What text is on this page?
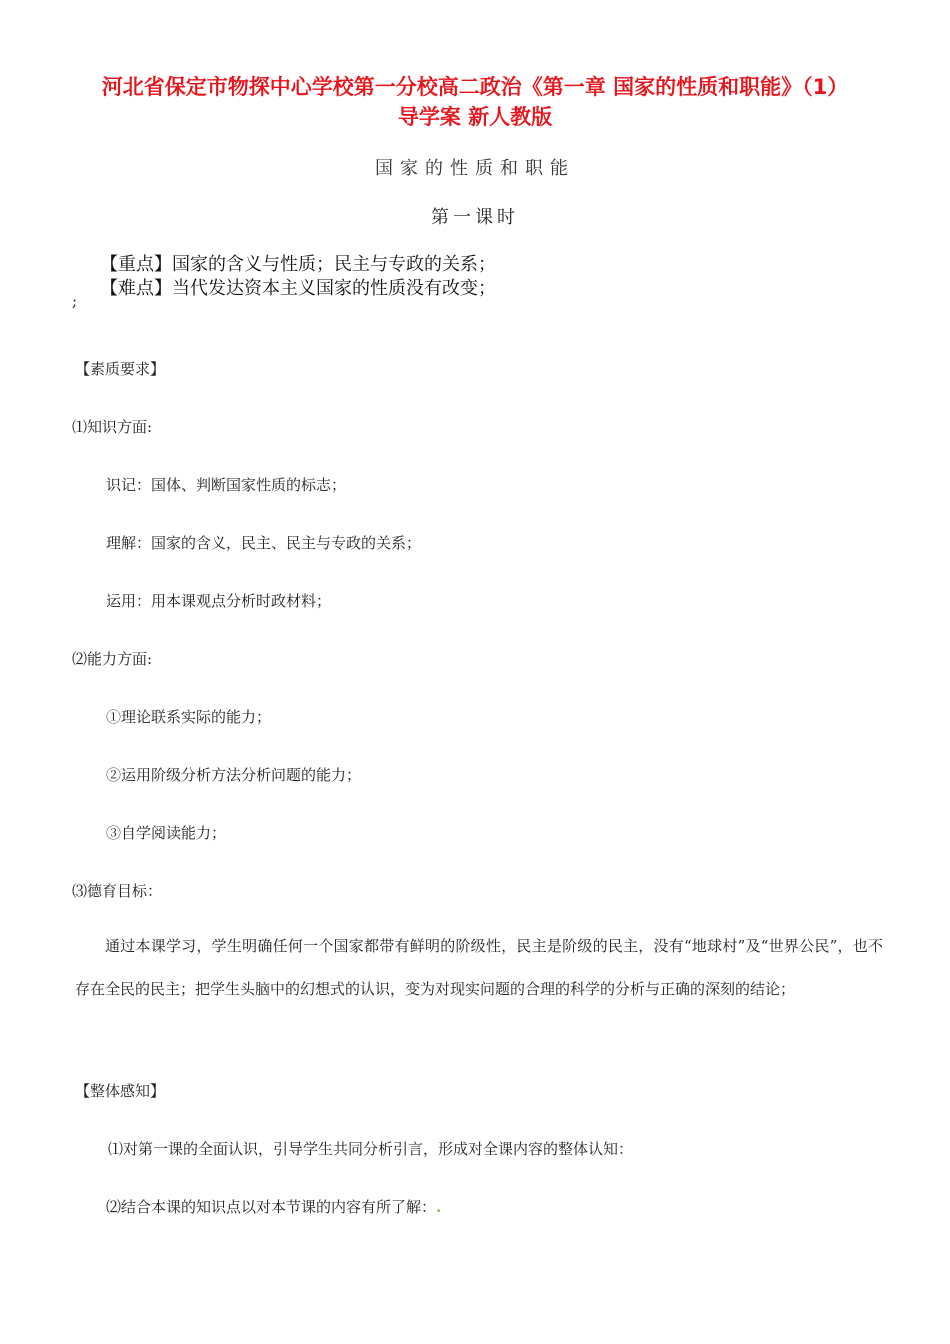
河北省保定市物探中心学校第一分校高二政治《第一章 国家的性质和职能》（1）
导学案 新人教版
国家的性质和职能
第一课时
【重点】国家的含义与性质；民主与专政的关系；
【难点】当代发达资本主义国家的性质没有改变；
;
【素质要求】
⑴知识方面:
识记：国体、判断国家性质的标志；
理解：国家的含义，民主、民主与专政的关系；
运用：用本课观点分析时政材料；
⑵能力方面:
①理论联系实际的能力；
②运用阶级分析方法分析问题的能力；
③自学阅读能力；
⑶德育目标：
通过本课学习，学生明确任何一个国家都带有鲜明的阶级性，民主是阶级的民主，没有“地球村”及“世界公民”，也不存在全民的民主；把学生头脑中的幻想式的认识，变为对现实问题的合理的科学的分析与正确的深刻的结论；
【整体感知】
⑴对第一课的全面认识，引导学生共同分析引言，形成对全课内容的整体认知：
⑵结合本课的知识点以对本节课的内容有所了解：.
